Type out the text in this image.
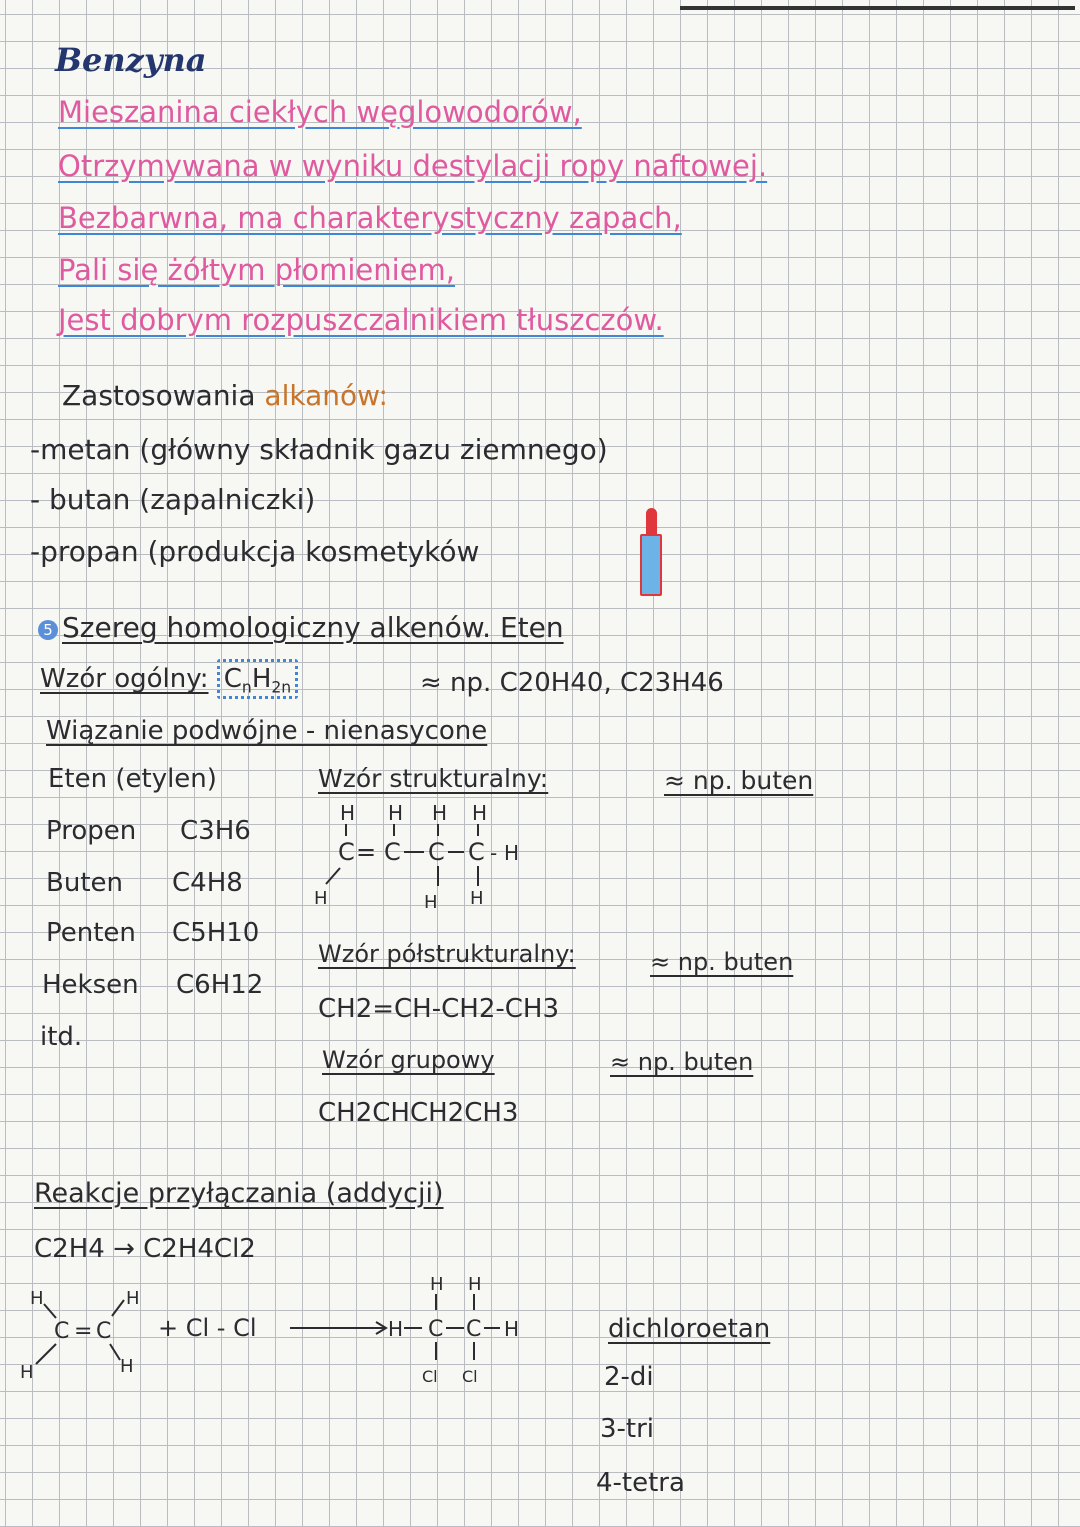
Benzyna
Mieszanina ciekłych węglowodorów,
Otrzymywana w wyniku destylacji ropy naftowej.
Bezbarwna, ma charakterystyczny zapach,
Pali się żółtym płomieniem,
Jest dobrym rozpuszczalnikiem tłuszczów.
Zastosowania alkanów:
-metan (główny składnik gazu ziemnego)
- butan (zapalniczki)
-propan (produkcja kosmetyków
5 Szereg homologiczny alkenów. Eten
Wzór ogólny: $C_nH_{2n}$	≈ np. C20H40, C23H46
Wiązanie podwójne - nienasycone
Eten (etylen)
Propen C3H6
Buten C4H8
Penten C5H10
Heksen C6H12
itd.
Wzór strukturalny:	≈ np. buten
H H H H
C = C C C - H
H	H H
Wzór półstrukturalny:	≈ np. buten
CH2=CH-CH2-CH3
Wzór grupowy	≈ np. buten
CH2CHCH2CH3
Reakcje przyłączania (addycji)
C2H4 → C2H4Cl2
H	H
C = C
H	H
+ Cl - Cl
H H
H C C H
Cl Cl
dichloroetan
2-di
3-tri
4-tetra
